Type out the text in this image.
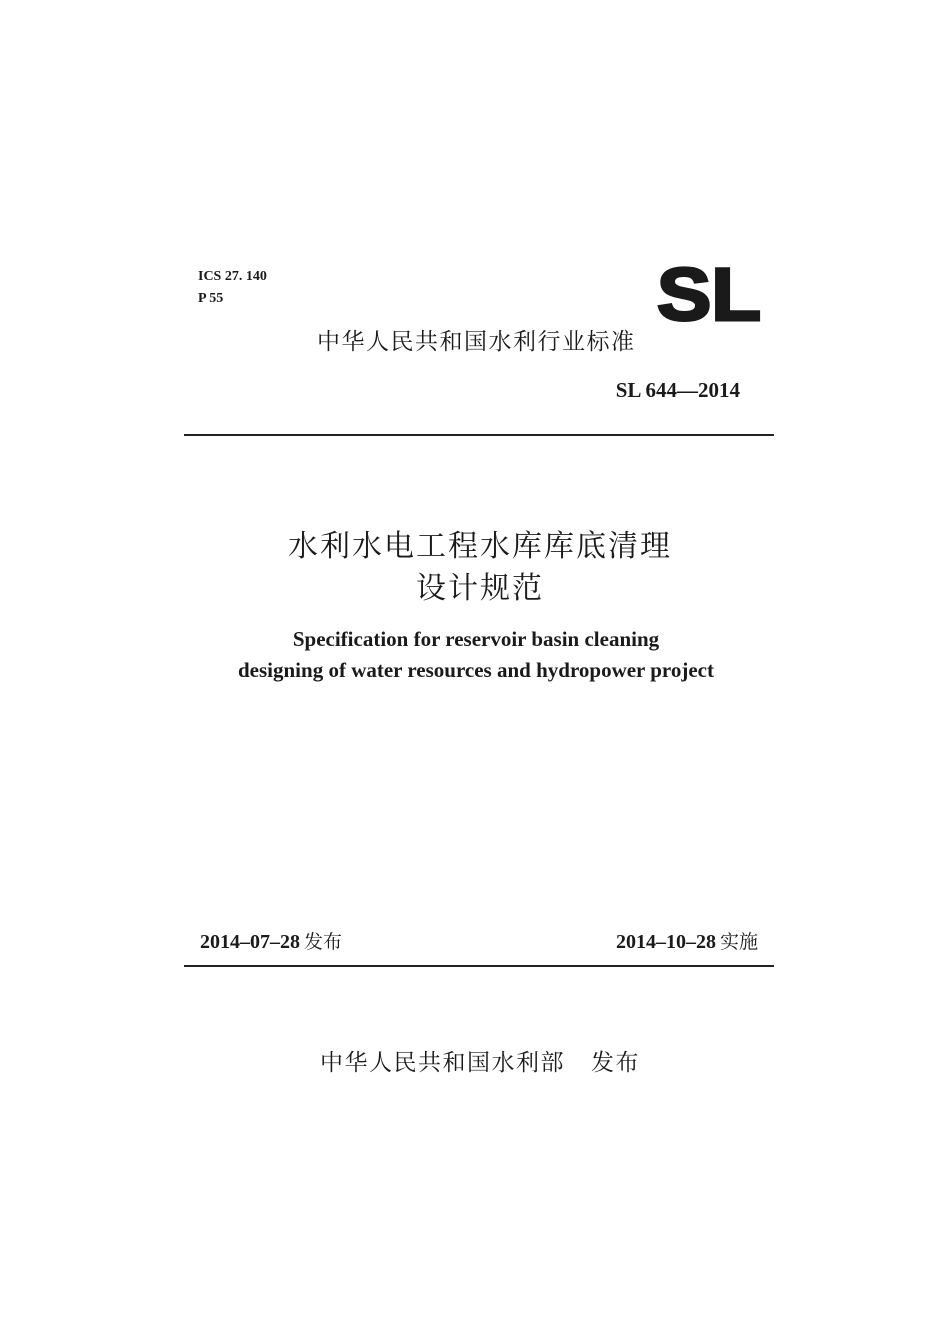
ICS 27. 140
P 55	SL
中华人民共和国水利行业标准
SL 644—2014
水利水电工程水库库底清理
设计规范
Specification for reservoir basin cleaning
designing of water resources and hydropower project
2014–07–28 发布	2014–10–28 实施
中华人民共和国水利部 发布
